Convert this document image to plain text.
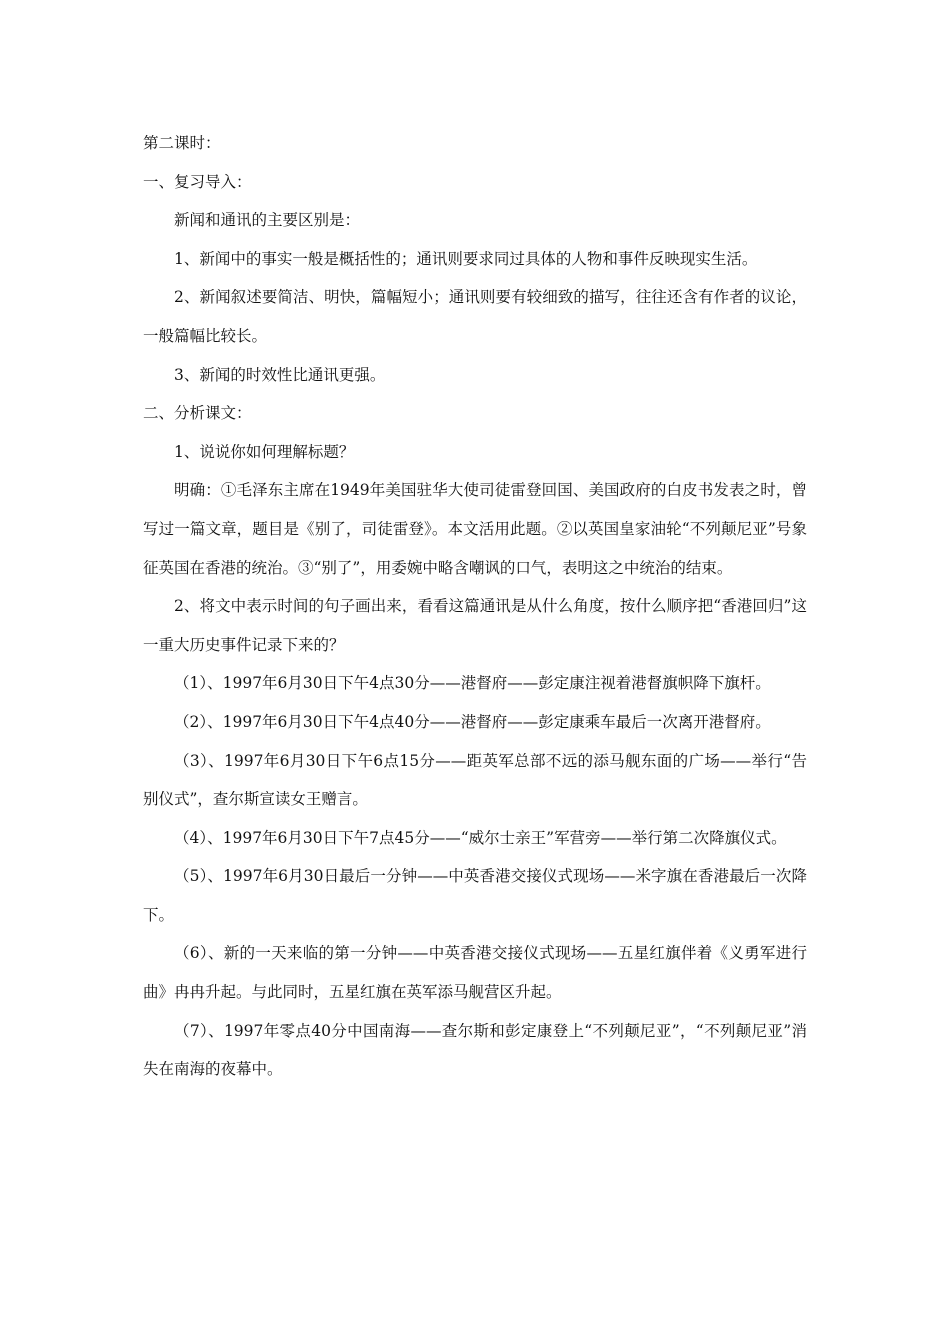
第二课时：

一、复习导入：

新闻和通讯的主要区别是：

1、新闻中的事实一般是概括性的；通讯则要求同过具体的人物和事件反映现实生活。

2、新闻叙述要简洁、明快，篇幅短小；通讯则要有较细致的描写，往往还含有作者的议论，一般篇幅比较长。

3、新闻的时效性比通讯更强。

二、分析课文：

1、说说你如何理解标题？

明确：①毛泽东主席在1949年美国驻华大使司徒雷登回国、美国政府的白皮书发表之时，曾写过一篇文章，题目是《别了，司徒雷登》。本文活用此题。②以英国皇家油轮“不列颠尼亚”号象征英国在香港的统治。③“别了”，用委婉中略含嘲讽的口气，表明这之中统治的结束。

2、将文中表示时间的句子画出来，看看这篇通讯是从什么角度，按什么顺序把“香港回归”这一重大历史事件记录下来的？

（1）、1997年6月30日下午4点30分——港督府——彭定康注视着港督旗帜降下旗杆。

（2）、1997年6月30日下午4点40分——港督府——彭定康乘车最后一次离开港督府。

（3）、1997年6月30日下午6点15分——距英军总部不远的添马舰东面的广场——举行“告别仪式”，查尔斯宣读女王赠言。

（4）、1997年6月30日下午7点45分——“威尔士亲王”军营旁——举行第二次降旗仪式。

（5）、1997年6月30日最后一分钟——中英香港交接仪式现场——米字旗在香港最后一次降下。

（6）、新的一天来临的第一分钟——中英香港交接仪式现场——五星红旗伴着《义勇军进行曲》冉冉升起。与此同时，五星红旗在英军添马舰营区升起。

（7）、1997年零点40分中国南海——查尔斯和彭定康登上“不列颠尼亚”，“不列颠尼亚”消失在南海的夜幕中。
